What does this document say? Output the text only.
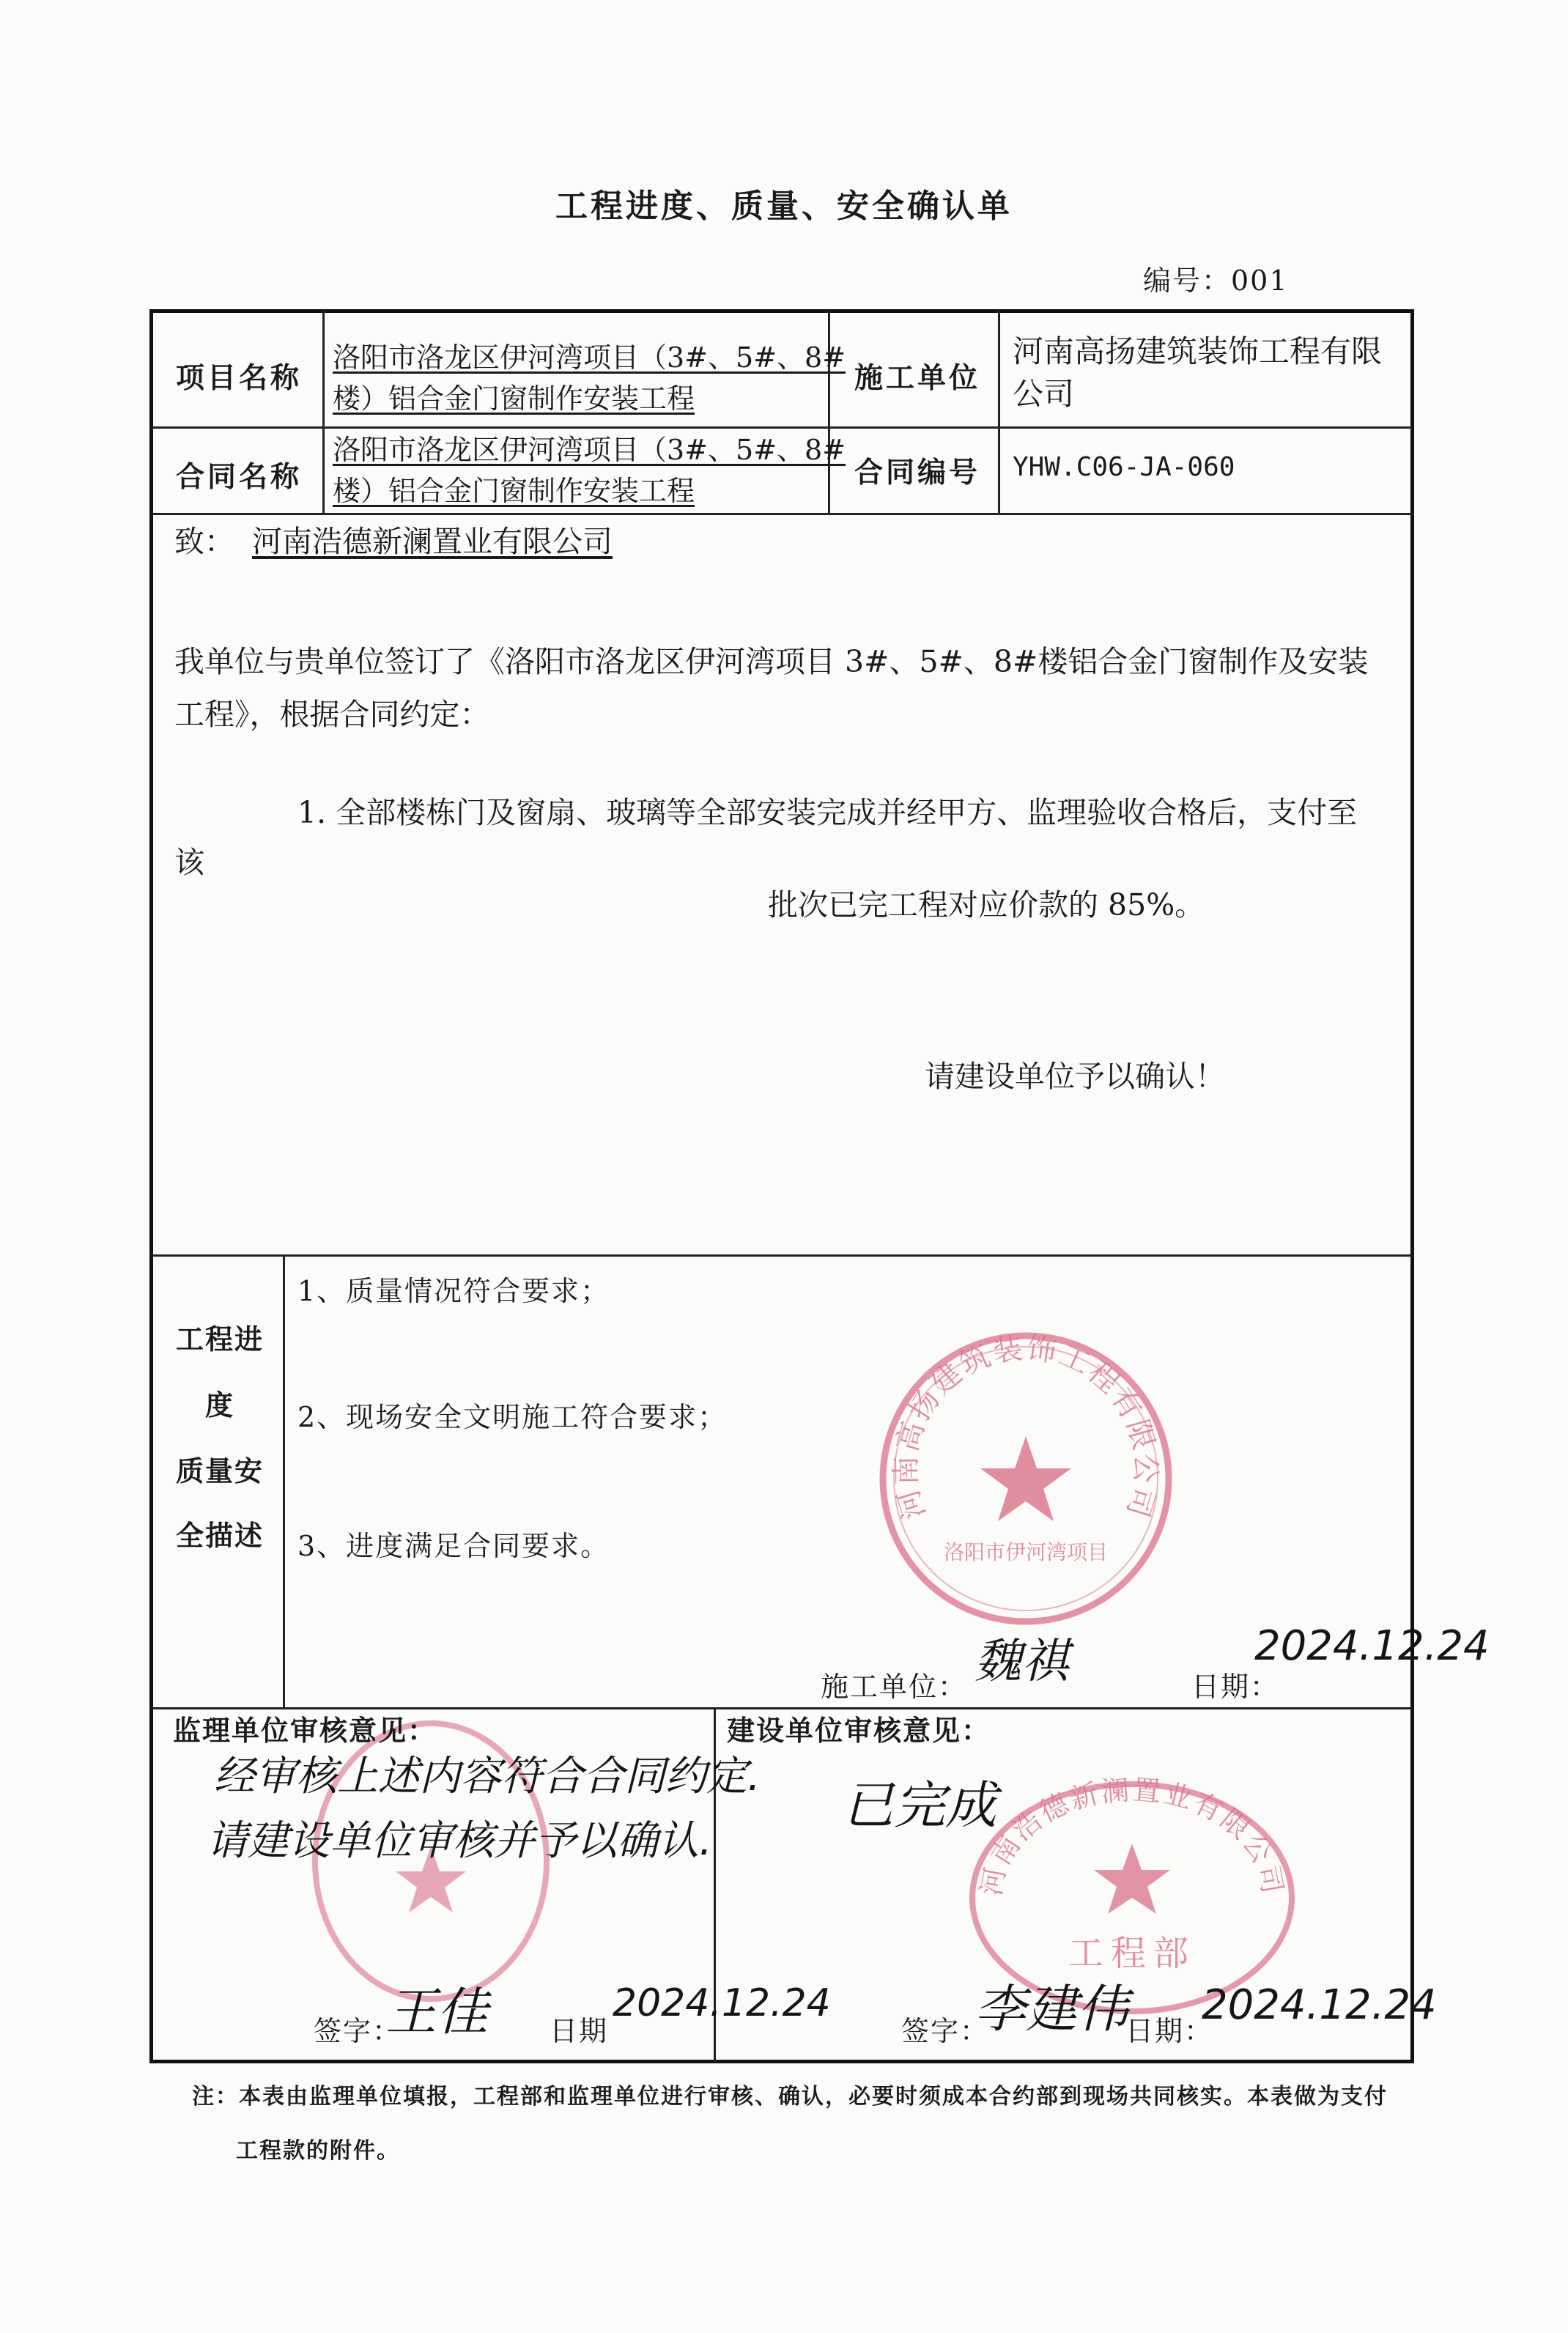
工程进度、质量、安全确认单
编号：001
项目名称
洛阳市洛龙区伊河湾项目（3#、5#、8#
楼）铝合金门窗制作安装工程
施工单位
河南高扬建筑装饰工程有限
公司
合同名称
洛阳市洛龙区伊河湾项目（3#、5#、8#
楼）铝合金门窗制作安装工程
合同编号 YHW.C06-JA-060
致： 河南浩德新澜置业有限公司
我单位与贵单位签订了《洛阳市洛龙区伊河湾项目 3#、5#、8#楼铝合金门窗制作及安装
工程》，根据合同约定：
1. 全部楼栋门及窗扇、玻璃等全部安装完成并经甲方、监理验收合格后，支付至
该
批次已完工程对应价款的 85%。
请建设单位予以确认！
工程进
度
质量安
全描述
河南高扬建筑装饰工程有限公司
洛阳市伊河湾项目
1、质量情况符合要求；
2、现场安全文明施工符合要求；
3、进度满足合同要求。
施工单位： 魏祺	日期：
2024.12.24
监理单位审核意见：
经审核上述内容符合合同约定.
请建设单位审核并予以确认.
签字：
王佳 日期
2024.12.24
河南浩德新澜置业有限公司
工程部
建设单位审核意见：
已完成
签字：
李建伟
日期：
2024.12.24
注：本表由监理单位填报，工程部和监理单位进行审核、确认，必要时须成本合约部到现场共同核实。本表做为支付
工程款的附件。
